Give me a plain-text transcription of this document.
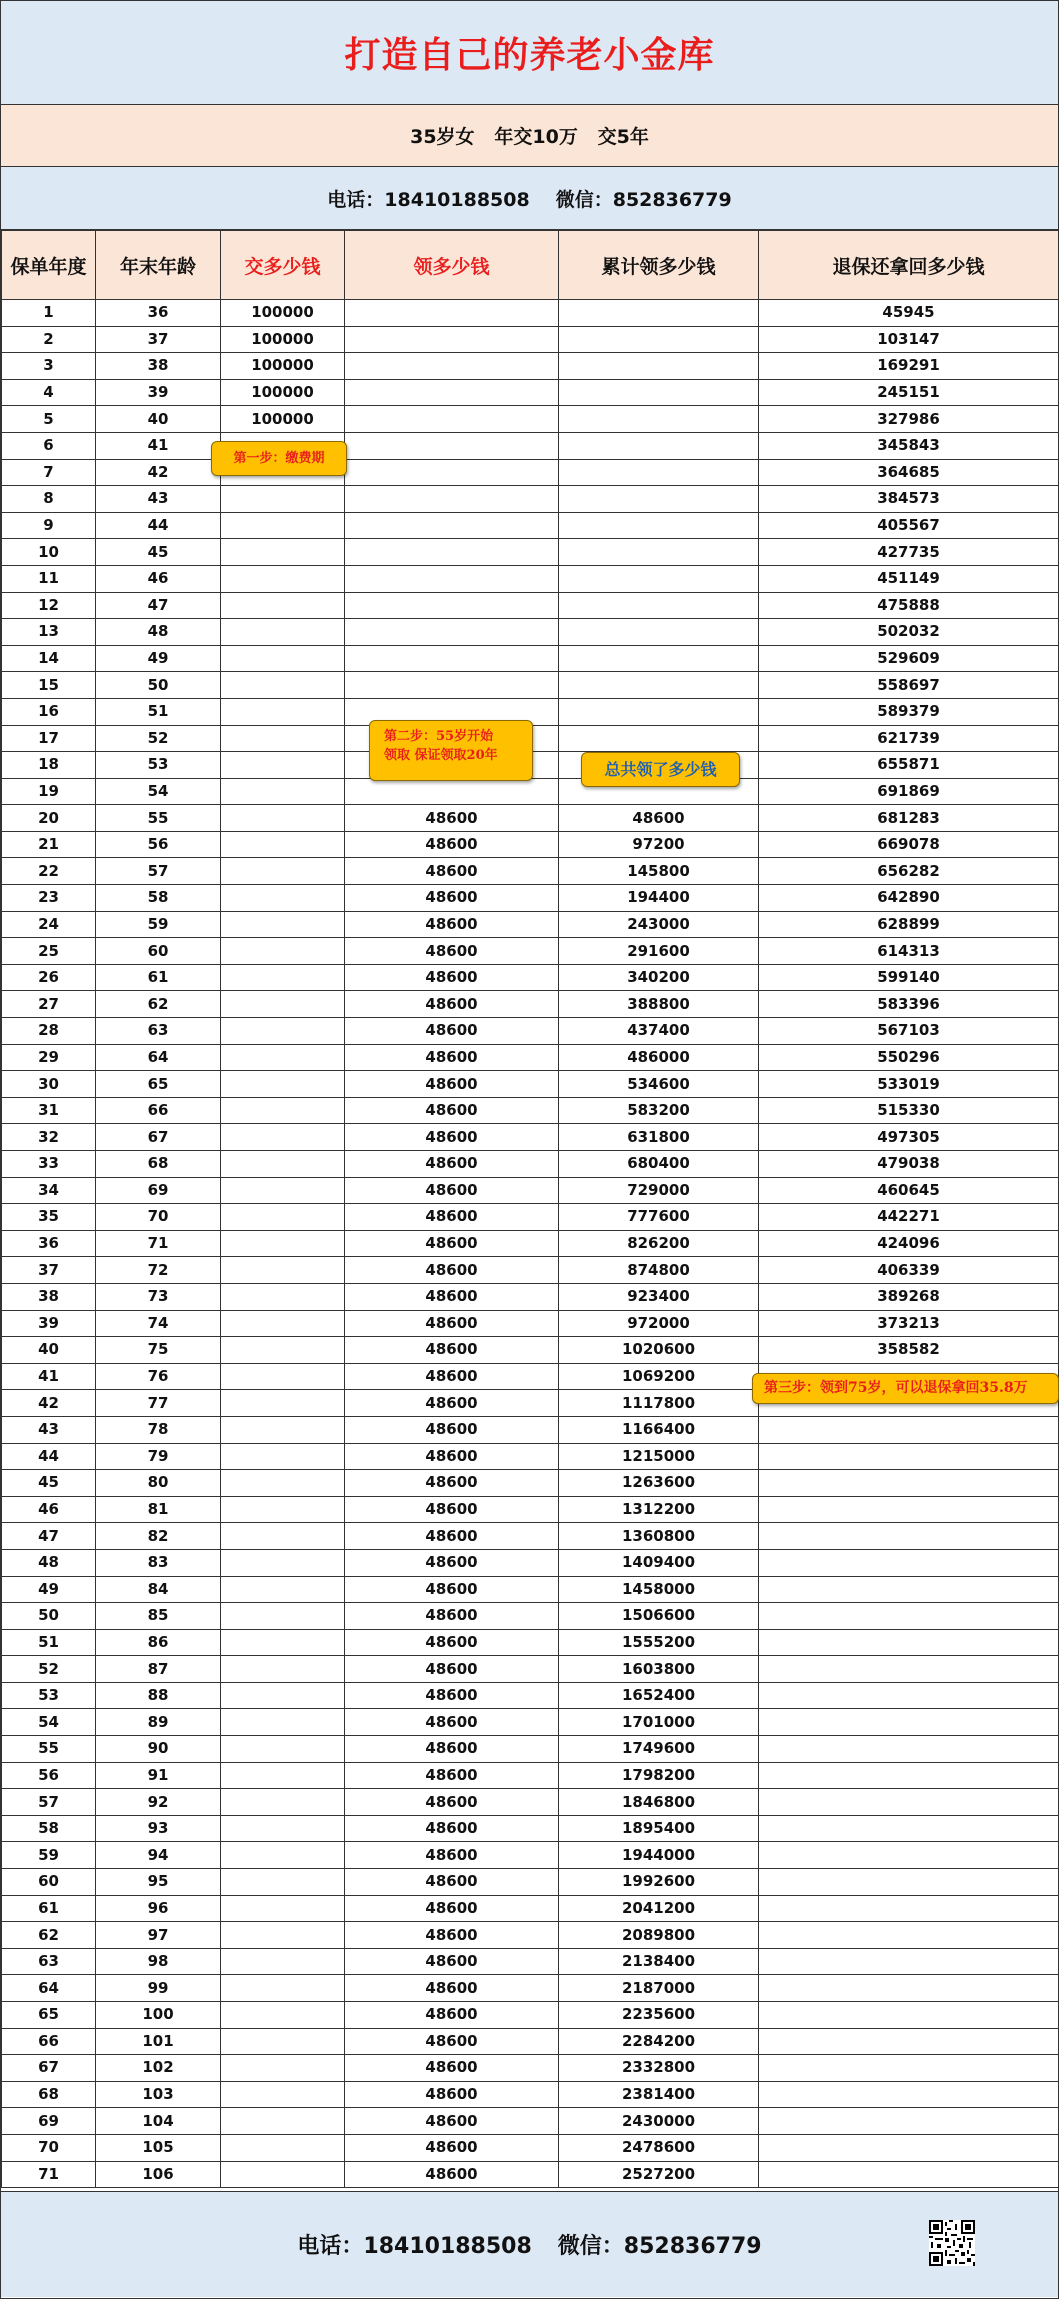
打造自己的养老小金库
35岁女   年交10万   交5年
电话：18410188508 微信：852836779
保单年度	年末年龄	交多少钱	领多少钱	累计领多少钱	退保还拿回多少钱
1	36	100000			45945
2	37	100000			103147
3	38	100000			169291
4	39	100000			245151
5	40	100000			327986
6	41				345843
7	42				364685
8	43				384573
9	44				405567
10	45				427735
11	46				451149
12	47				475888
13	48				502032
14	49				529609
15	50				558697
16	51				589379
17	52				621739
18	53				655871
19	54				691869
20	55		48600	48600	681283
21	56		48600	97200	669078
22	57		48600	145800	656282
23	58		48600	194400	642890
24	59		48600	243000	628899
25	60		48600	291600	614313
26	61		48600	340200	599140
27	62		48600	388800	583396
28	63		48600	437400	567103
29	64		48600	486000	550296
30	65		48600	534600	533019
31	66		48600	583200	515330
32	67		48600	631800	497305
33	68		48600	680400	479038
34	69		48600	729000	460645
35	70		48600	777600	442271
36	71		48600	826200	424096
37	72		48600	874800	406339
38	73		48600	923400	389268
39	74		48600	972000	373213
40	75		48600	1020600	358582
41	76		48600	1069200	
42	77		48600	1117800	
43	78		48600	1166400	
44	79		48600	1215000	
45	80		48600	1263600	
46	81		48600	1312200	
47	82		48600	1360800	
48	83		48600	1409400	
49	84		48600	1458000	
50	85		48600	1506600	
51	86		48600	1555200	
52	87		48600	1603800	
53	88		48600	1652400	
54	89		48600	1701000	
55	90		48600	1749600	
56	91		48600	1798200	
57	92		48600	1846800	
58	93		48600	1895400	
59	94		48600	1944000	
60	95		48600	1992600	
61	96		48600	2041200	
62	97		48600	2089800	
63	98		48600	2138400	
64	99		48600	2187000	
65	100		48600	2235600	
66	101		48600	2284200	
67	102		48600	2332800	
68	103		48600	2381400	
69	104		48600	2430000	
70	105		48600	2478600	
71	106		48600	2527200	
第一步：缴费期
第二步：55岁开始
领取 保证领取20年
总共领了多少钱
第三步：领到75岁，可以退保拿回35.8万
电话：18410188508 微信：852836779
